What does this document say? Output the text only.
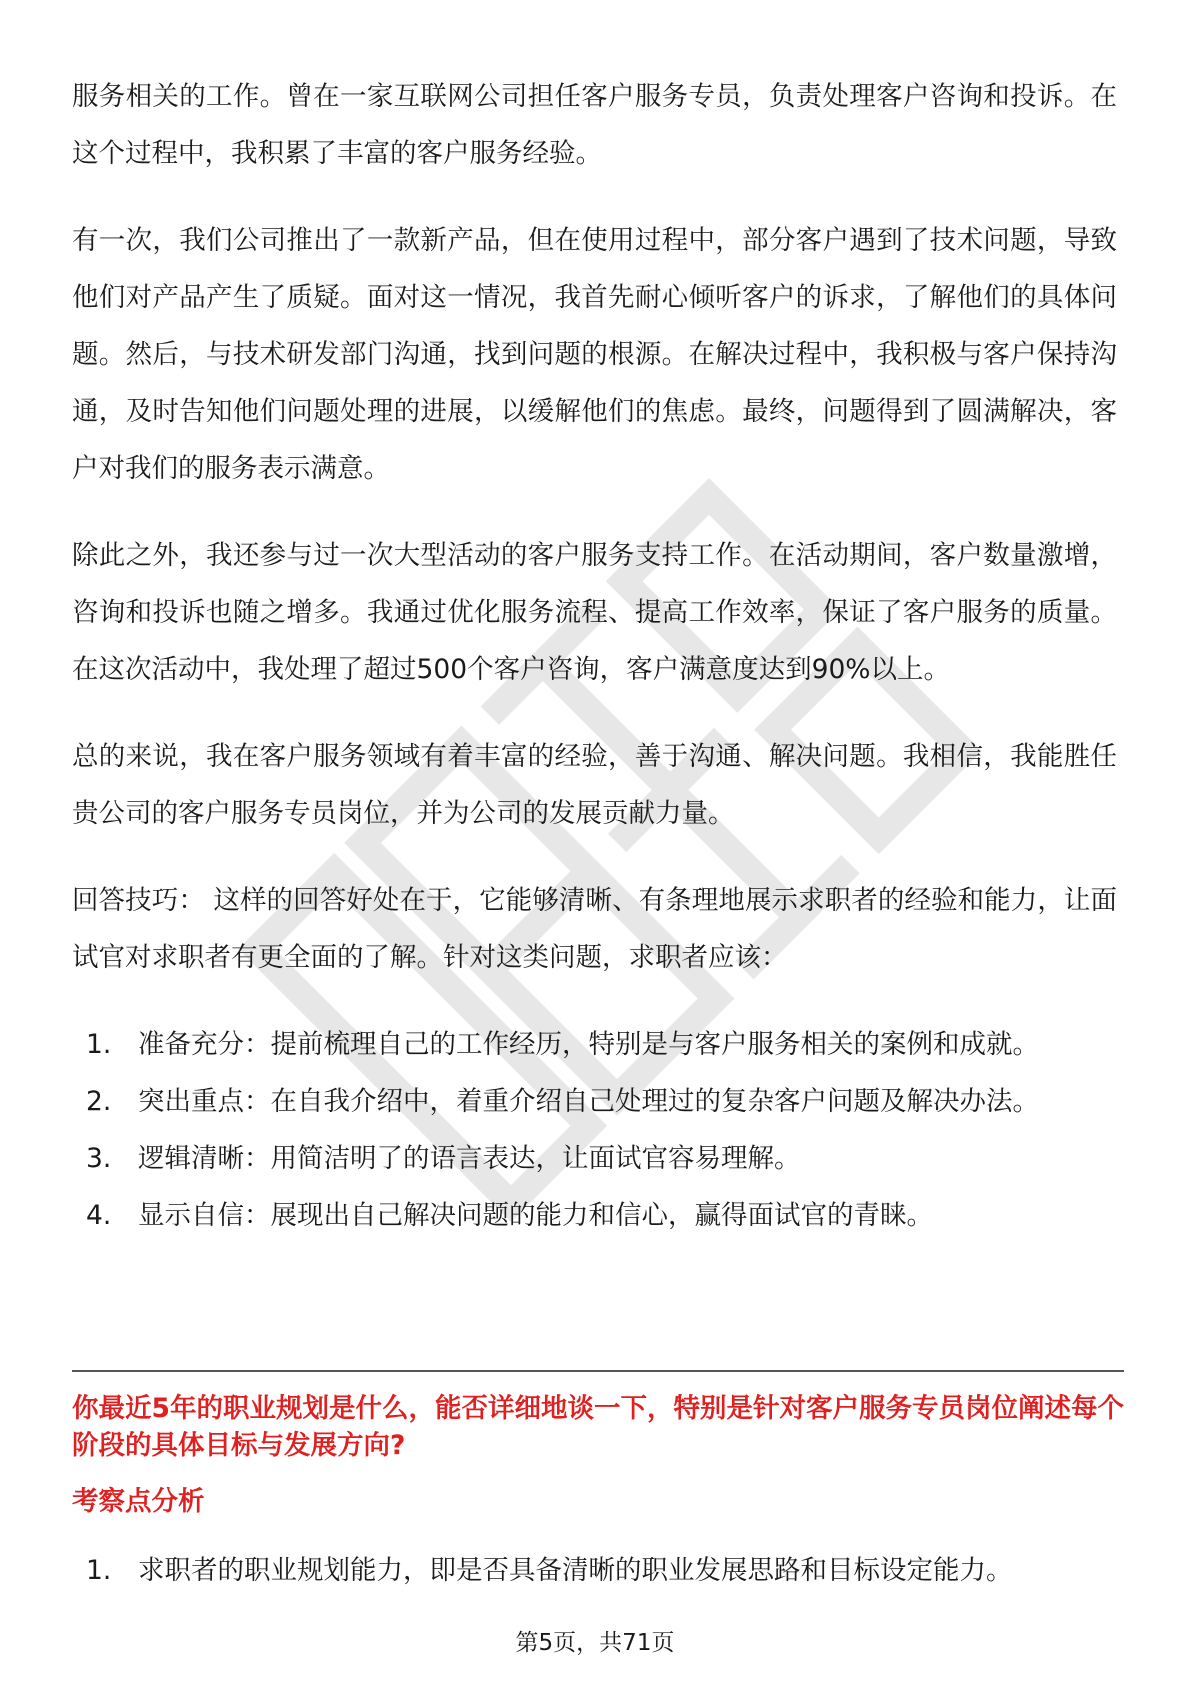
服务相关的工作。曾在一家互联网公司担任客户服务专员，负责处理客户咨询和投诉。在这个过程中，我积累了丰富的客户服务经验。

有一次，我们公司推出了一款新产品，但在使用过程中，部分客户遇到了技术问题，导致他们对产品产生了质疑。面对这一情况，我首先耐心倾听客户的诉求，了解他们的具体问题。然后，与技术研发部门沟通，找到问题的根源。在解决过程中，我积极与客户保持沟通，及时告知他们问题处理的进展，以缓解他们的焦虑。最终，问题得到了圆满解决，客户对我们的服务表示满意。

除此之外，我还参与过一次大型活动的客户服务支持工作。在活动期间，客户数量激增，咨询和投诉也随之增多。我通过优化服务流程、提高工作效率，保证了客户服务的质量。在这次活动中，我处理了超过500个客户咨询，客户满意度达到90%以上。

总的来说，我在客户服务领域有着丰富的经验，善于沟通、解决问题。我相信，我能胜任贵公司的客户服务专员岗位，并为公司的发展贡献力量。

回答技巧： 这样的回答好处在于，它能够清晰、有条理地展示求职者的经验和能力，让面试官对求职者有更全面的了解。针对这类问题，求职者应该：

1.	准备充分：提前梳理自己的工作经历，特别是与客户服务相关的案例和成就。
2.	突出重点：在自我介绍中，着重介绍自己处理过的复杂客户问题及解决办法。
3.	逻辑清晰：用简洁明了的语言表达，让面试官容易理解。
4.	显示自信：展现出自己解决问题的能力和信心，赢得面试官的青睐。
你最近5年的职业规划是什么，能否详细地谈一下，特别是针对客户服务专员岗位阐述每个阶段的具体目标与发展方向?
考察点分析
1.	求职者的职业规划能力，即是否具备清晰的职业发展思路和目标设定能力。
第5页，共71页
